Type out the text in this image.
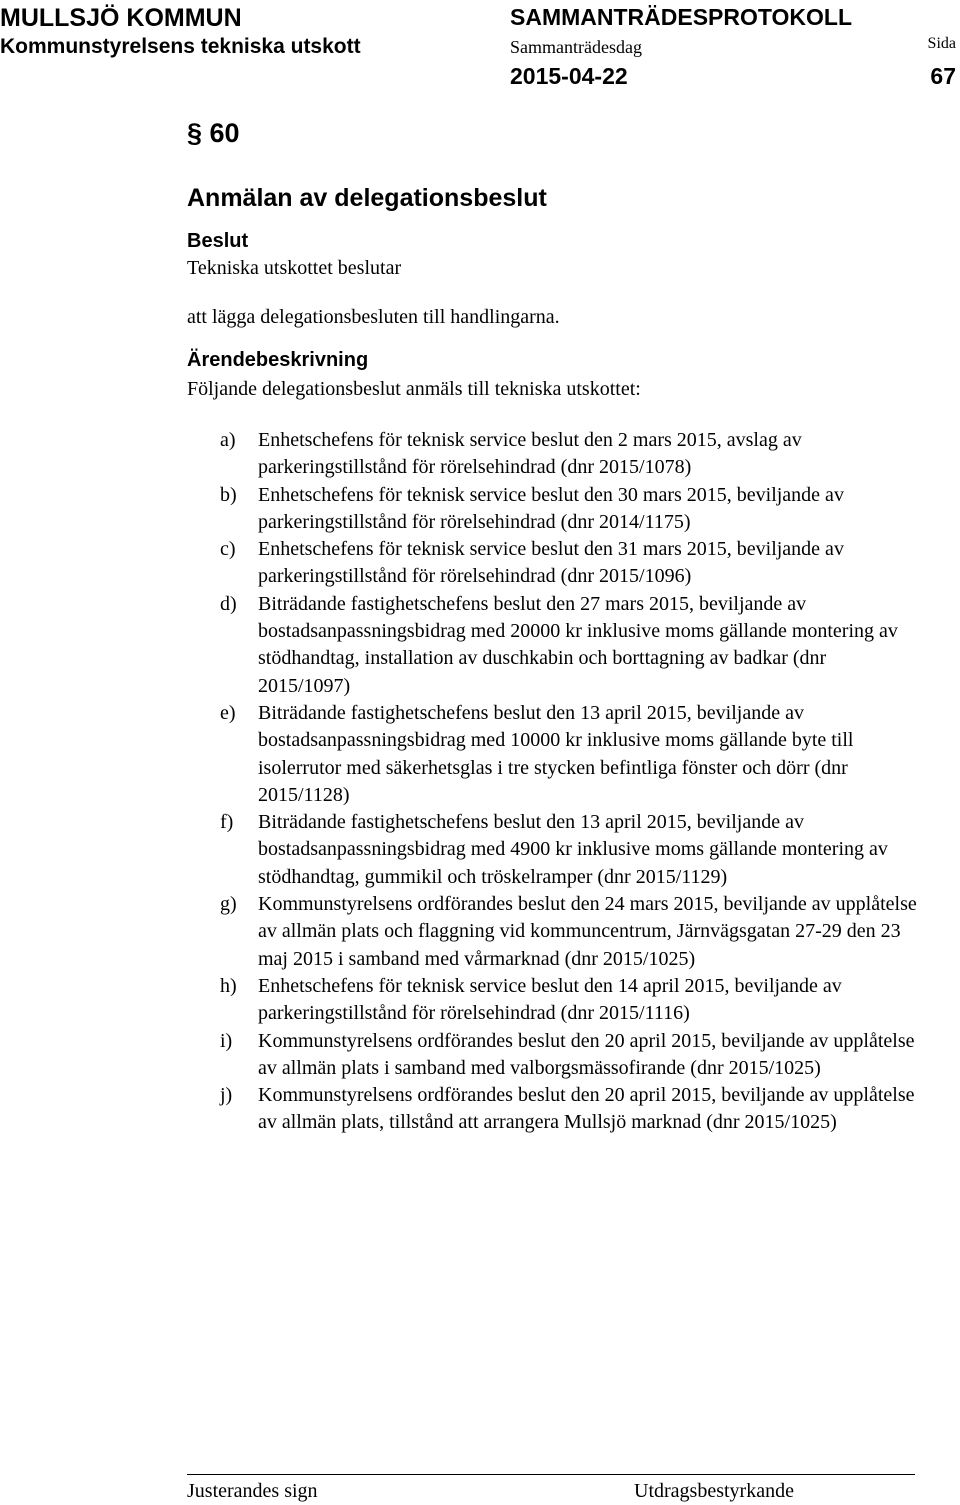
MULLSJÖ KOMMUN
Kommunstyrelsens tekniska utskott
SAMMANTRÄDESPROTOKOLL
Sammanträdesdag
2015-04-22
Sida
67
§ 60
Anmälan av delegationsbeslut
Beslut
Tekniska utskottet beslutar
att lägga delegationsbesluten till handlingarna.
Ärendebeskrivning
Följande delegationsbeslut anmäls till tekniska utskottet:
a)	Enhetschefens för teknisk service beslut den 2 mars 2015, avslag av parkeringstillstånd för rörelsehindrad (dnr 2015/1078)
b)	Enhetschefens för teknisk service beslut den 30 mars 2015, beviljande av parkeringstillstånd för rörelsehindrad (dnr 2014/1175)
c)	Enhetschefens för teknisk service beslut den 31 mars 2015, beviljande av parkeringstillstånd för rörelsehindrad (dnr 2015/1096)
d)	Biträdande fastighetschefens beslut den 27 mars 2015, beviljande av bostadsanpassningsbidrag med 20000 kr inklusive moms gällande montering av stödhandtag, installation av duschkabin och borttagning av badkar (dnr 2015/1097)
e)	Biträdande fastighetschefens beslut den 13 april 2015, beviljande av bostadsanpassningsbidrag med 10000 kr inklusive moms gällande byte till isolerrutor med säkerhetsglas i tre stycken befintliga fönster och dörr (dnr 2015/1128)
f)	Biträdande fastighetschefens beslut den 13 april 2015, beviljande av bostadsanpassningsbidrag med 4900 kr inklusive moms gällande montering av stödhandtag, gummikil och tröskelramper (dnr 2015/1129)
g)	Kommunstyrelsens ordförandes beslut den 24 mars 2015, beviljande av upplåtelse av allmän plats och flaggning vid kommuncentrum, Järnvägsgatan 27-29 den 23 maj 2015 i samband med vårmarknad (dnr 2015/1025)
h)	Enhetschefens för teknisk service beslut den 14 april 2015, beviljande av parkeringstillstånd för rörelsehindrad (dnr 2015/1116)
i)	Kommunstyrelsens ordförandes beslut den 20 april 2015, beviljande av upplåtelse av allmän plats i samband med valborgsmässofirande (dnr 2015/1025)
j)	Kommunstyrelsens ordförandes beslut den 20 april 2015, beviljande av upplåtelse av allmän plats, tillstånd att arrangera Mullsjö marknad (dnr 2015/1025)
Justerandes sign	Utdragsbestyrkande
